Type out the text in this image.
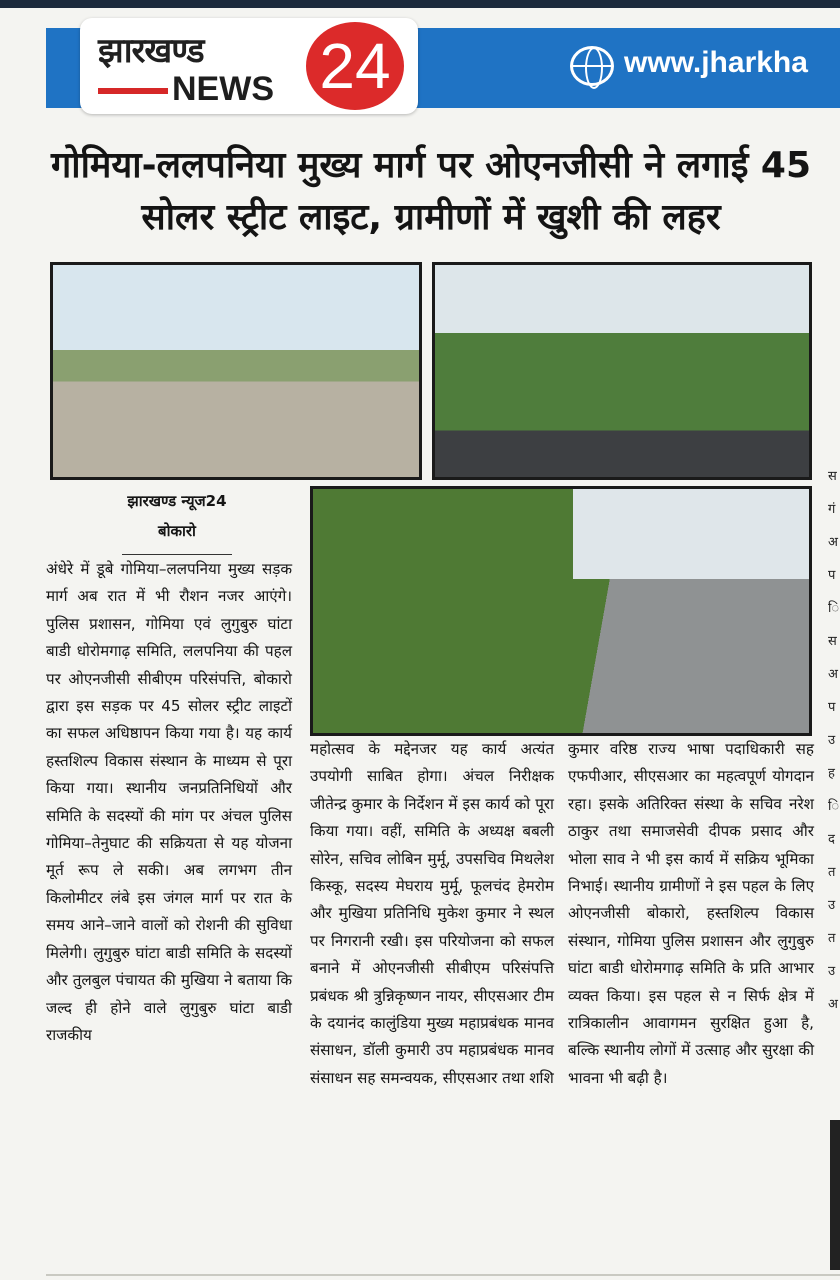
झारखण्ड
NEWS 24	www.jharkha
गोमिया-ललपनिया मुख्य मार्ग पर ओएनजीसी ने लगाई 45 सोलर स्ट्रीट लाइट, ग्रामीणों में खुशी की लहर
झारखण्ड न्यूज24
बोकारो
अंधेरे में डूबे गोमिया–ललपनिया मुख्य सड़क मार्ग अब रात में भी रौशन नजर आएंगे। पुलिस प्रशासन, गोमिया एवं लुगुबुरु घांटा बाडी धोरोमगाढ़ समिति, ललपनिया की पहल पर ओएनजीसी सीबीएम परिसंपत्ति, बोकारो द्वारा इस सड़क पर 45 सोलर स्ट्रीट लाइटों का सफल अधिष्ठापन किया गया है। यह कार्य हस्तशिल्प विकास संस्थान के माध्यम से पूरा किया गया। स्थानीय जनप्रतिनिधियों और समिति के सदस्यों की मांग पर अंचल पुलिस गोमिया–तेनुघाट की सक्रियता से यह योजना मूर्त रूप ले सकी। अब लगभग तीन किलोमीटर लंबे इस जंगल मार्ग पर रात के समय आने–जाने वालों को रोशनी की सुविधा मिलेगी। लुगुबुरु घांटा बाडी समिति के सदस्यों और तुलबुल पंचायत की मुखिया ने बताया कि जल्द ही होने वाले लुगुबुरु घांटा बाडी राजकीय
महोत्सव के मद्देनजर यह कार्य अत्यंत उपयोगी साबित होगा। अंचल निरीक्षक जीतेन्द्र कुमार के निर्देशन में इस कार्य को पूरा किया गया। वहीं, समिति के अध्यक्ष बबली सोरेन, सचिव लोबिन मुर्मू, उपसचिव मिथलेश किस्कू, सदस्य मेघराय मुर्मू, फूलचंद हेमरोम और मुखिया प्रतिनिधि मुकेश कुमार ने स्थल पर निगरानी रखी। इस परियोजना को सफल बनाने में ओएनजीसी सीबीएम परिसंपत्ति प्रबंधक श्री त्रुन्निकृष्णन नायर, सीएसआर टीम के दयानंद कालुंडिया मुख्य महाप्रबंधक मानव संसाधन, डॉली कुमारी उप महाप्रबंधक मानव संसाधन सह समन्वयक, सीएसआर तथा शशि
कुमार वरिष्ठ राज्य भाषा पदाधिकारी सह एफपीआर, सीएसआर का महत्वपूर्ण योगदान रहा। इसके अतिरिक्त संस्था के सचिव नरेश ठाकुर तथा समाजसेवी दीपक प्रसाद और भोला साव ने भी इस कार्य में सक्रिय भूमिका निभाई। स्थानीय ग्रामीणों ने इस पहल के लिए ओएनजीसी बोकारो, हस्तशिल्प विकास संस्थान, गोमिया पुलिस प्रशासन और लुगुबुरु घांटा बाडी धोरोमगाढ़ समिति के प्रति आभार व्यक्त किया। इस पहल से न सिर्फ क्षेत्र में रात्रिकालीन आवागमन सुरक्षित हुआ है, बल्कि स्थानीय लोगों में उत्साह और सुरक्षा की भावना भी बढ़ी है।
स गं अ प ि स अ प उ ह ि द त उ त उ अ
